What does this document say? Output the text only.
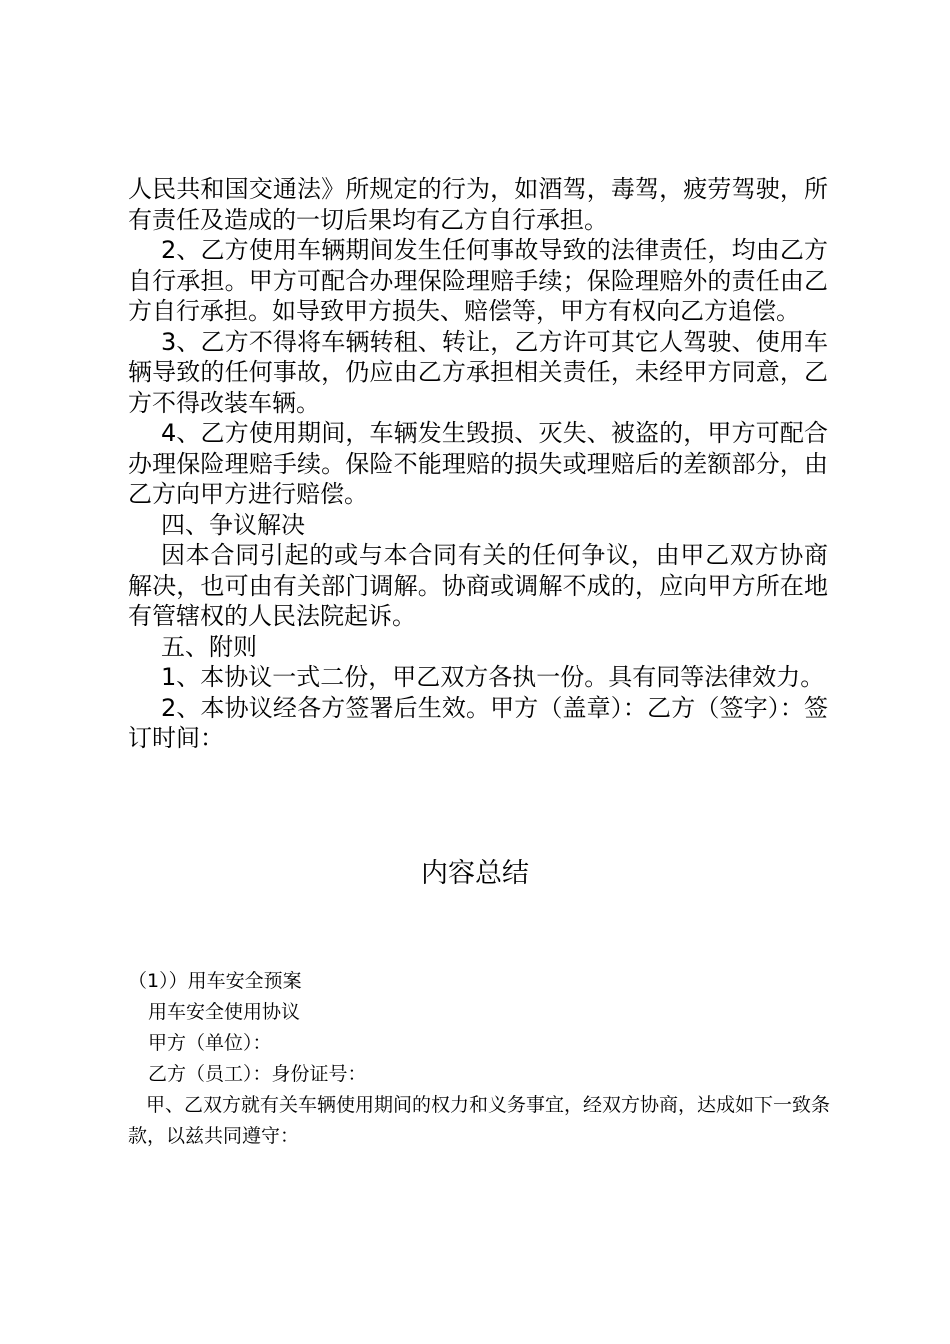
人民共和国交通法》所规定的行为，如酒驾，毒驾，疲劳驾驶，所有责任及造成的一切后果均有乙方自行承担。

2、乙方使用车辆期间发生任何事故导致的法律责任，均由乙方自行承担。甲方可配合办理保险理赔手续；保险理赔外的责任由乙方自行承担。如导致甲方损失、赔偿等，甲方有权向乙方追偿。

3、乙方不得将车辆转租、转让，乙方许可其它人驾驶、使用车辆导致的任何事故，仍应由乙方承担相关责任，未经甲方同意，乙方不得改装车辆。

4、乙方使用期间，车辆发生毁损、灭失、被盗的，甲方可配合办理保险理赔手续。保险不能理赔的损失或理赔后的差额部分，由乙方向甲方进行赔偿。

四、争议解决

因本合同引起的或与本合同有关的任何争议，由甲乙双方协商解决，也可由有关部门调解。协商或调解不成的，应向甲方所在地有管辖权的人民法院起诉。

五、附则

1、本协议一式二份，甲乙双方各执一份。具有同等法律效力。

2、本协议经各方签署后生效。甲方（盖章）：乙方（签字）：签订时间：

内容总结

（1））用车安全预案

用车安全使用协议

甲方（单位）：

乙方（员工）：身份证号：

甲、乙双方就有关车辆使用期间的权力和义务事宜，经双方协商，达成如下一致条款，以兹共同遵守：
